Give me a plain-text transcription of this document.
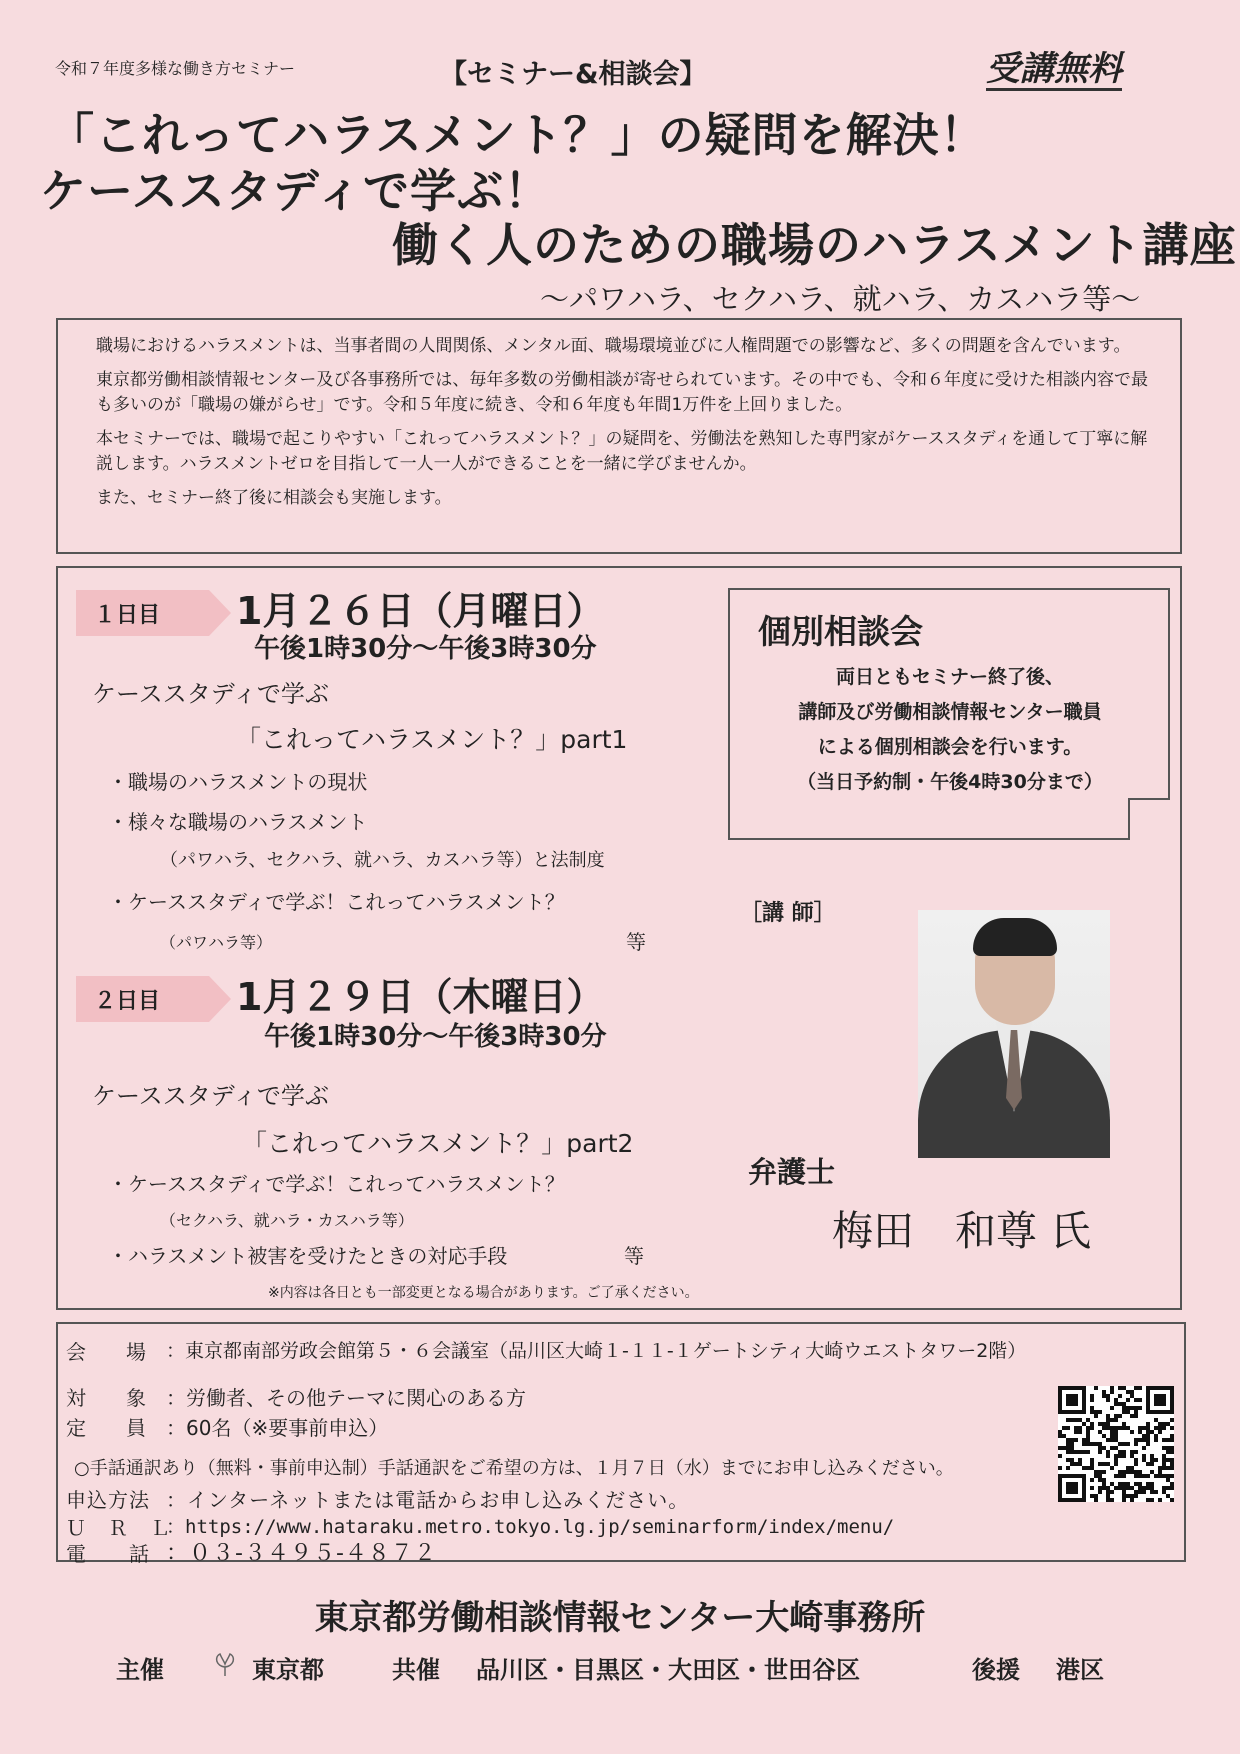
令和７年度多様な働き方セミナー	【セミナー&相談会】	受講無料
「これってハラスメント？」の疑問を解決！
ケーススタディで学ぶ！
働く人のための職場のハラスメント講座
～パワハラ、セクハラ、就ハラ、カスハラ等～

職場におけるハラスメントは、当事者間の人間関係、メンタル面、職場環境並びに人権問題での影響など、多くの問題を含んでいます。

東京都労働相談情報センター及び各事務所では、毎年多数の労働相談が寄せられています。その中でも、令和６年度に受けた相談内容で最も多いのが「職場の嫌がらせ」です。令和５年度に続き、令和６年度も年間1万件を上回りました。

本セミナーでは、職場で起こりやすい「これってハラスメント？」の疑問を、労働法を熟知した専門家がケーススタディを通して丁寧に解説します。ハラスメントゼロを目指して一人一人ができることを一緒に学びませんか。

また、セミナー終了後に相談会も実施します。

１日目 1月２６日（月曜日）
午後1時30分～午後3時30分
ケーススタディで学ぶ
「これってハラスメント？」part1
・職場のハラスメントの現状
・様々な職場のハラスメント
（パワハラ、セクハラ、就ハラ、カスハラ等）と法制度
・ケーススタディで学ぶ！これってハラスメント？
（パワハラ等）	等
２日目 1月２９日（木曜日）
午後1時30分～午後3時30分
ケーススタディで学ぶ
「これってハラスメント？」part2
・ケーススタディで学ぶ！これってハラスメント？
（セクハラ、就ハラ・カスハラ等）
・ハラスメント被害を受けたときの対応手段	等
※内容は各日とも一部変更となる場合があります。ご了承ください。
個別相談会
両日ともセミナー終了後、
講師及び労働相談情報センター職員
による個別相談会を行います。
（当日予約制・午後4時30分まで）
［講 師］
弁護士
梅田　和尊 氏
会　　場 ：東京都南部労政会館第５・６会議室（品川区大崎１-１１-１ゲートシティ大崎ウエストタワー2階）
対　　象 ：労働者、その他テーマに関心のある方
定　　員 ：60名（※要事前申込）
○手話通訳あり（無料・事前申込制）手話通訳をご希望の方は、１月７日（水）までにお申し込みください。
申込方法 ：インターネットまたは電話からお申し込みください。
Ｕ　Ｒ　Ｌ
：https://www.hataraku.metro.tokyo.lg.jp/seminarform/index/menu/
電　　話 ：０３-３４９５-４８７２
東京都労働相談情報センター大崎事務所
主催	東京都	共催 品川区・目黒区・大田区・世田谷区	後援 港区
